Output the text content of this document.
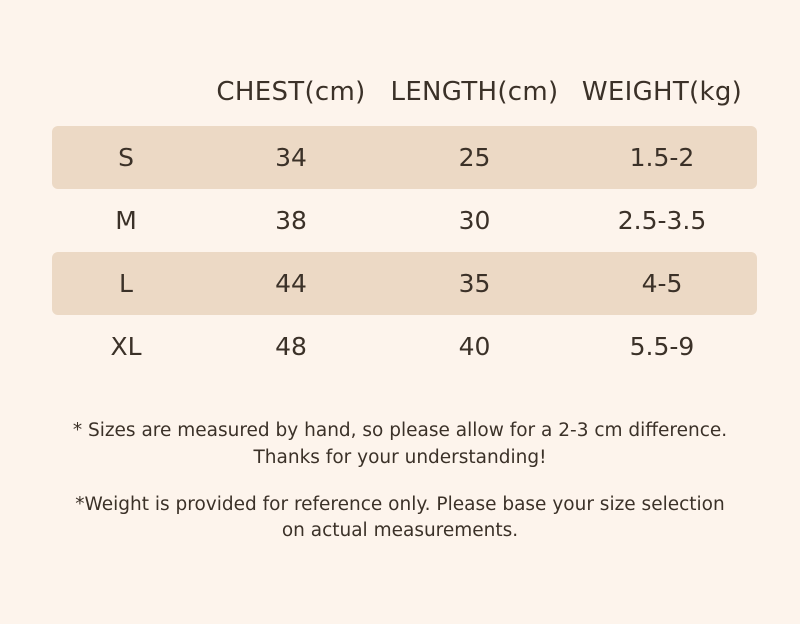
		CHEST(cm)	LENGTH(cm)	WEIGHT(kg)	
	S	34	25	1.5-2	
	M	38	30	2.5-3.5	
	L	44	35	4-5	
	XL	48	40	5.5-9	
* Sizes are measured by hand, so please allow for a 2-3 cm difference.
Thanks for your understanding!
*Weight is provided for reference only. Please base your size selection
on actual measurements.
